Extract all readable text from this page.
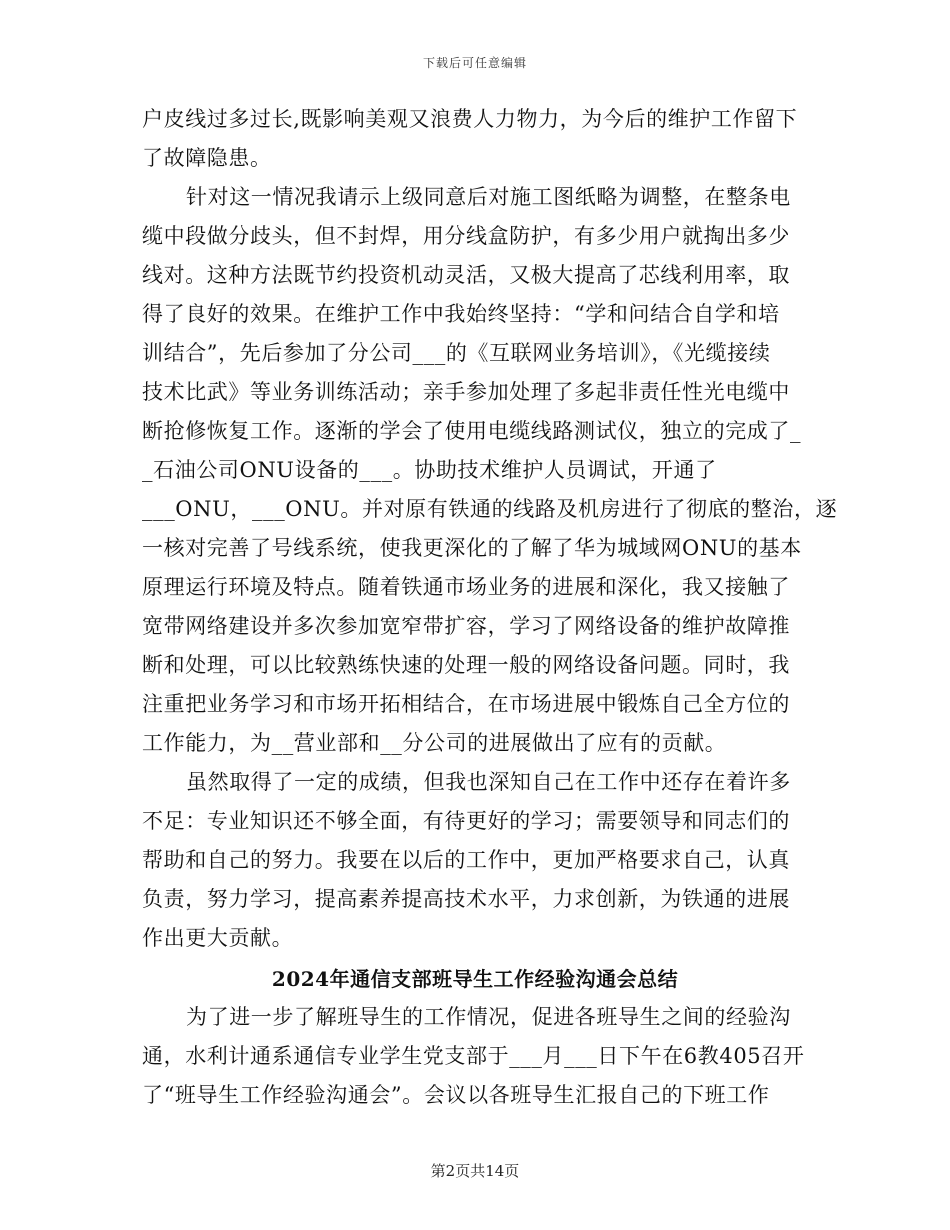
下载后可任意编辑
户皮线过多过长,既影响美观又浪费人力物力，为今后的维护工作留下
了故障隐患。
针对这一情况我请示上级同意后对施工图纸略为调整，在整条电
缆中段做分歧头，但不封焊，用分线盒防护，有多少用户就掏出多少
线对。这种方法既节约投资机动灵活，又极大提高了芯线利用率，取
得了良好的效果。在维护工作中我始终坚持：“学和问结合自学和培
训结合”，先后参加了分公司___的《互联网业务培训》，《光缆接续
技术比武》等业务训练活动；亲手参加处理了多起非责任性光电缆中
断抢修恢复工作。逐渐的学会了使用电缆线路测试仪，独立的完成了_
_石油公司ONU设备的___。协助技术维护人员调试，开通了
___ONU，___ONU。并对原有铁通的线路及机房进行了彻底的整治，逐
一核对完善了号线系统，使我更深化的了解了华为城域网ONU的基本
原理运行环境及特点。随着铁通市场业务的进展和深化，我又接触了
宽带网络建设并多次参加宽窄带扩容，学习了网络设备的维护故障推
断和处理，可以比较熟练快速的处理一般的网络设备问题。同时，我
注重把业务学习和市场开拓相结合，在市场进展中锻炼自己全方位的
工作能力，为__营业部和__分公司的进展做出了应有的贡献。
虽然取得了一定的成绩，但我也深知自己在工作中还存在着许多
不足：专业知识还不够全面，有待更好的学习；需要领导和同志们的
帮助和自己的努力。我要在以后的工作中，更加严格要求自己，认真
负责，努力学习，提高素养提高技术水平，力求创新，为铁通的进展
作出更大贡献。
2024年通信支部班导生工作经验沟通会总结
为了进一步了解班导生的工作情况，促进各班导生之间的经验沟
通，水利计通系通信专业学生党支部于___月___日下午在6教405召开
了“班导生工作经验沟通会”。会议以各班导生汇报自己的下班工作
第2页共14页
